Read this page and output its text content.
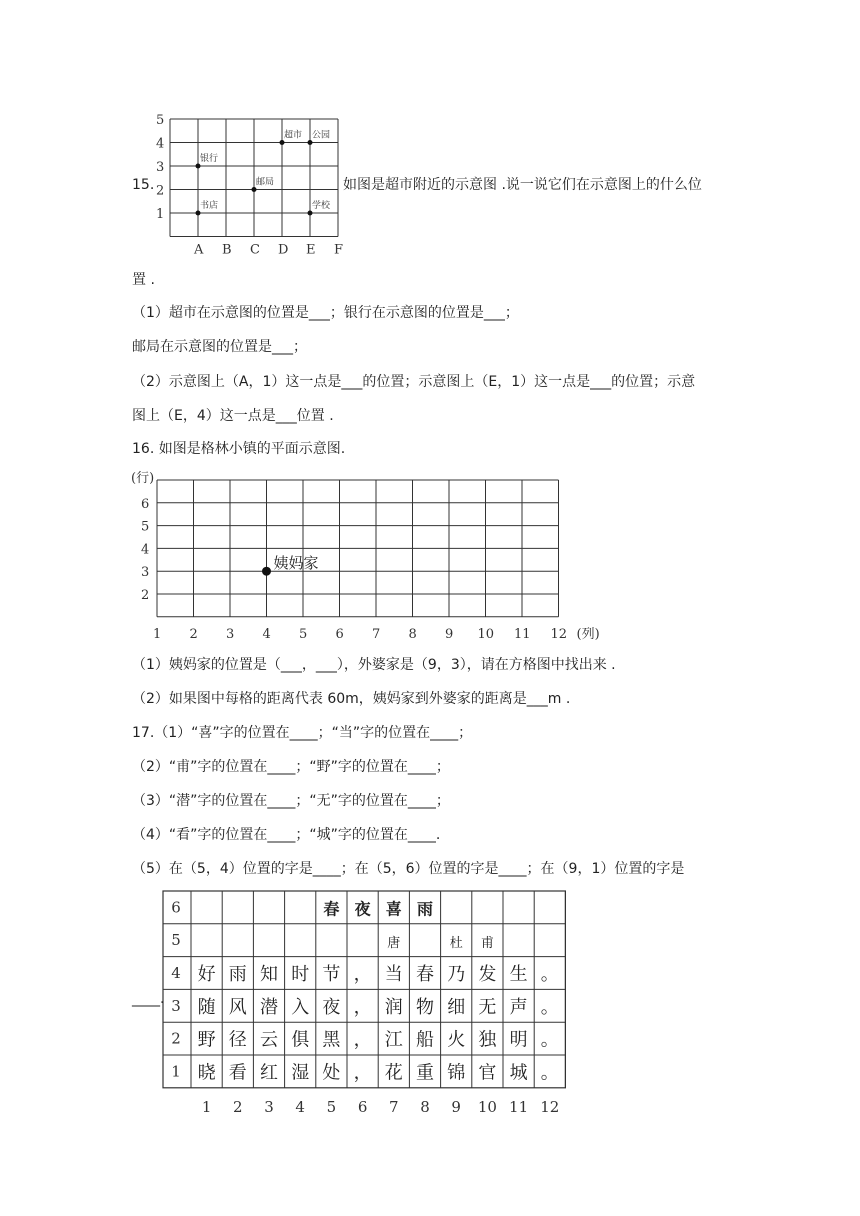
15.
5
4
3
2
1
A B C D E F
银行
超市 公园
邮局
书店	学校
如图是超市附近的示意图 .说一说它们在示意图上的什么位
置 .
（1）超市在示意图的位置是___；银行在示意图的位置是___；
邮局在示意图的位置是___；
（2）示意图上（A，1）这一点是___的位置；示意图上（E，1）这一点是___的位置；示意
图上（E，4）这一点是___位置 .
16. 如图是格林小镇的平面示意图.
(行)
6
5
4
3
2
1 2 3 4 5 6 7 8 9 10 11 12 (列)
姨妈家
（1）姨妈家的位置是（___，___），外婆家是（9，3），请在方格图中找出来 .
（2）如果图中每格的距离代表 60m，姨妈家到外婆家的距离是___m .
17.（1）“喜”字的位置在____；“当”字的位置在____；
（2）“甫”字的位置在____；“野”字的位置在____；
（3）“潜”字的位置在____；“无”字的位置在____；
（4）“看”字的位置在____；“城”字的位置在____.
（5）在（5，4）位置的字是____；在（5，6）位置的字是____；在（9，1）位置的字是
____.
6
5
4
3
2
1
1 2 3 4 5 6 7 8 9 10 11 12
春 夜 喜 雨
唐	杜 甫
好 雨 知 时 节 ， 当 春 乃 发 生 。
随 风 潜 入 夜 ， 润 物 细 无 声 。
野 径 云 俱 黑 ， 江 船 火 独 明 。
晓 看 红 湿 处 ， 花 重 锦 官 城 。
